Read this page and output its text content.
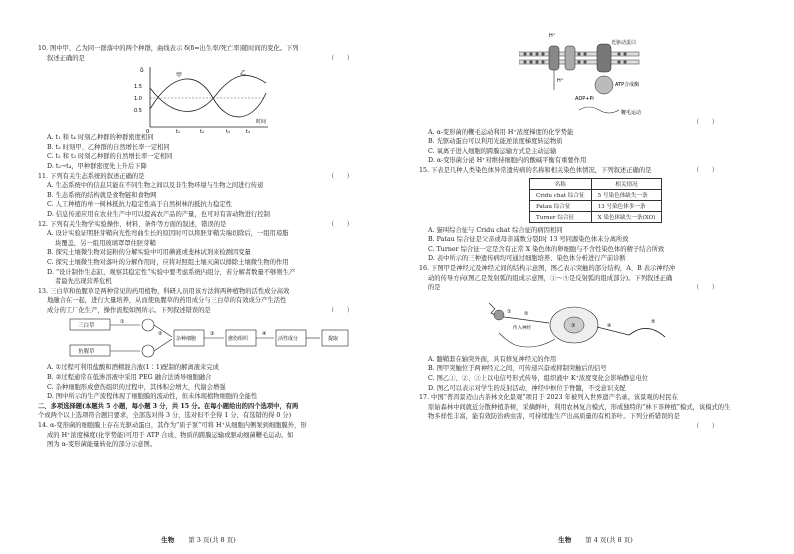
10. 图中甲、乙为同一群落中的两个种群，曲线表示 δ(δ=出生率/死亡率)随时间的变化。下列
叙述正确的是	（　　）
δ
1.5
1.0
0.5
甲	乙
0	t₁	t₂	t₃	t₄
时间
A. t₁ 和 t₄ 时刻乙种群的种群密度相同
B. t₂ 时刻甲、乙种群的自然增长率一定相同
C. t₂ 和 t₃ 时刻乙种群的自然增长率一定相同
D. t₂→t₄，甲种群密度先上升后下降
11. 下列有关生态系统的叙述正确的是	（　　）
A. 生态系统中的信息只能在不同生物之间以及非生物环境与生物之间进行传递
B. 生态系统的结构就是食物链和食物网
C. 人工种植的单一树林抵抗力稳定性高于自然树林的抵抗力稳定性
D. 信息传递应用在农业生产中可以提高农产品的产量，也可对有害动物进行控制
12. 下列有关生物学实验操作、材料、条件等方面的叙述，错误的是	（　　）
A. 设计实验证明胚芽鞘向光性弯曲生长的原因时可以将胚芽鞘尖端切除后，一组用琼脂
块覆盖，另一组用玻璃罩罩住胚芽鞘
B. 探究土壤微生物对淀粉的分解实验中可用碘液或斐林试剂来检测因变量
C. 探究土壤微生物对落叶的分解作用时，应将对照组土壤灭菌以排除土壤微生物的作用
D. “设计制作生态缸，观察其稳定性”实验中要考虑系统内组分，若分解者数量不够则生产
者最先出现营养危机
13. 三白草和鱼腥草是两种常见的药用植物，科研人员用该方法将两种植物的活性成分高效
地融合在一起，进行大量培养，从而使鱼腥草的药用成分与三白草的有效成分产生活性
成分的工厂化生产，操作流程如图所示。下列叙述错误的是	（　　）
三白草
鱼腥草
①
②
杂种细胞
③
愈伤组织
④
活性成分	提取
A. ①过程可利用盐酸和酒精混合液(1∶1)配制的解离液来完成
B. ②过程通常在低渗溶液中采用 PEG 融合法诱导细胞融合
C. 杂种细胞形成愈伤组织的过程中，其体积会增大，代谢会增强
D. 图中所示的生产流程体现了细胞膜的流动性，但未体现植物细胞的全能性
二、多项选择题(本题共 5 小题，每小题 3 分，共 15 分。在每小题给出的四个选项中，有两
个或两个以上选项符合题目要求，全部选对得 3 分，选对但不全得 1 分，有选错的得 0 分)
14. α-变形菌的细胞膜上存在光驱动蛋白，其作为“质子泵”可将 H⁺从细胞内侧泵到细胞膜外，形
成的 H⁺浓度梯度(化学势能)可用于 ATP 合成、物质的跨膜运输或驱动细菌鞭毛运动。如
图为 α-变形菌能量转化的部分示意图。
生物 第 3 页(共 8 页)
H⁺
光驱动蛋白
ATP合成酶
ADP+Pi
H⁺
鞭毛运动

（　　）
A. α-变形菌的鞭毛运动利用 H⁺浓度梯度的化学势能
B. 光驱动蛋白可以利用光能逆浓度梯度转运物质
C. 氧离子进入细胞的跨膜运输方式是主动运输
D. α-变形菌分泌 H⁺对维持细胞内的酸碱平衡有重要作用
15. 下表是几种人类染色体异常遗传病的名称和相关染色体情况，下列叙述正确的是	（　　）
名称	相关情况
Cridu chat 综合征	5 号染色体缺失一条
Patau 综合征	13 号染色体多一条
Turner 综合征	X 染色体缺失一条(XO)
A. 猫叫综合征与 Cridu chat 综合征的病因相同
B. Patau 综合征是父亲或母亲减数分裂Ⅰ时 13 号同源染色体未分离所致
C. Turner 综合征一定是含有正常 X 染色体的卵细胞与不含性染色体的精子结合所致
D. 表中所示的三种遗传病均可通过细胞培养、染色体分析进行产前诊断
16. 下图甲是神经元及神经元间的结构示意图，图乙表示突触的部分结构，A、B 表示神经冲
动的传导方向(图乙是发射弧的组成示意图，①～⑤是反射弧的组成部分)。下列叙述正确
的是	（　　）
①	②
传入神经	③	④
⑤
A. 髓鞘套在轴突外面，具有修复神经元的作用
B. 图甲突触位于两神经元之间，可传递兴奋或抑制突触后的信号
C. 图乙①、②、③上以电信号形式传导，组织液中 K⁺浓度变化会影响静息电位
D. 图乙可以表示对学生的反射活动，神经中枢位于脊髓，不受意识支配
17. 中国“普洱景迈山古茶林文化景观”项目于 2023 年被列入世界遗产名录。该景观的村民在
原始森林中间就近分散种植茶树，采摘鲜叶，利用农林复合模式，形成独特的“林下茶种植”模式，该模式的生
物多样性丰富，能有效防治病虫害，可持续地生产出高质量的有机茶叶。下列分析错误的是

（　　）
生物 第 4 页(共 8 页)
